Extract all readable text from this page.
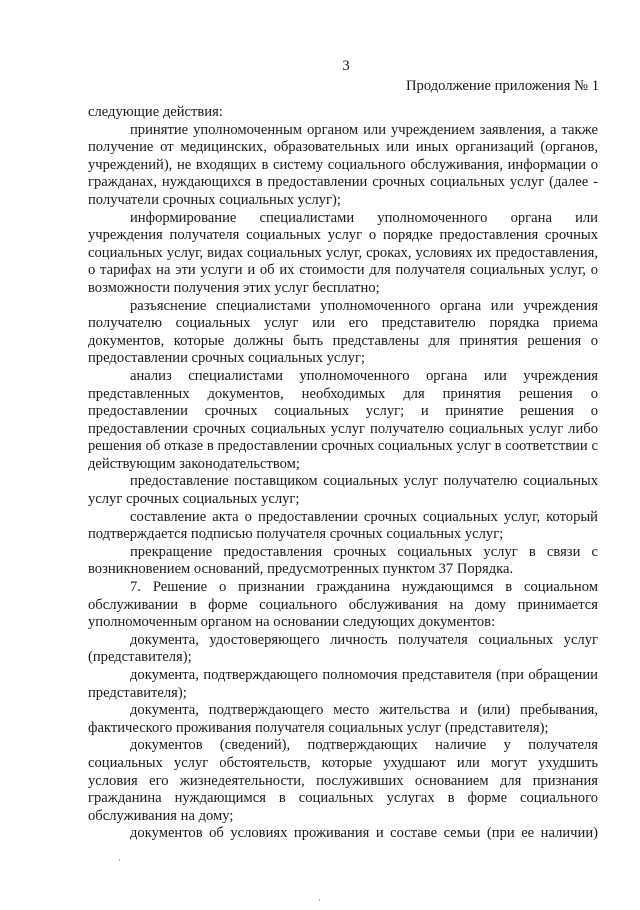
3
Продолжение приложения № 1

следующие действия:

принятие уполномоченным органом или учреждением заявления, а также получение от медицинских, образовательных или иных организаций (органов, учреждений), не входящих в систему социального обслуживания, информации о гражданах, нуждающихся в предоставлении срочных социальных услуг (далее - получатели срочных социальных услуг);

информирование специалистами уполномоченного органа или учреждения получателя социальных услуг о порядке предоставления срочных социальных услуг, видах социальных услуг, сроках, условиях их предоставления, о тарифах на эти услуги и об их стоимости для получателя социальных услуг, о возможности получения этих услуг бесплатно;

разъяснение специалистами уполномоченного органа или учреждения получателю социальных услуг или его представителю порядка приема документов, которые должны быть представлены для принятия решения о предоставлении срочных социальных услуг;

анализ специалистами уполномоченного органа или учреждения представленных документов, необходимых для принятия решения о предоставлении срочных социальных услуг; и принятие решения о предоставлении срочных социальных услуг получателю социальных услуг либо решения об отказе в предоставлении срочных социальных услуг в соответствии с действующим законодательством;

предоставление поставщиком социальных услуг получателю социальных услуг срочных социальных услуг;

составление акта о предоставлении срочных социальных услуг, который подтверждается подписью получателя срочных социальных услуг;

прекращение предоставления срочных социальных услуг в связи с возникновением оснований, предусмотренных пунктом 37 Порядка.

7. Решение о признании гражданина нуждающимся в социальном обслуживании в форме социального обслуживания на дому принимается уполномоченным органом на основании следующих документов:

документа, удостоверяющего личность получателя социальных услуг (представителя);

документа, подтверждающего полномочия представителя (при обращении представителя);

документа, подтверждающего место жительства и (или) пребывания, фактического проживания получателя социальных услуг (представителя);

документов (сведений), подтверждающих наличие у получателя социальных услуг обстоятельств, которые ухудшают или могут ухудшить условия его жизнедеятельности, послуживших основанием для признания гражданина нуждающимся в социальных услугах в форме социального обслуживания на дому;

документов об условиях проживания и составе семьи (при ее наличии)

·
·
